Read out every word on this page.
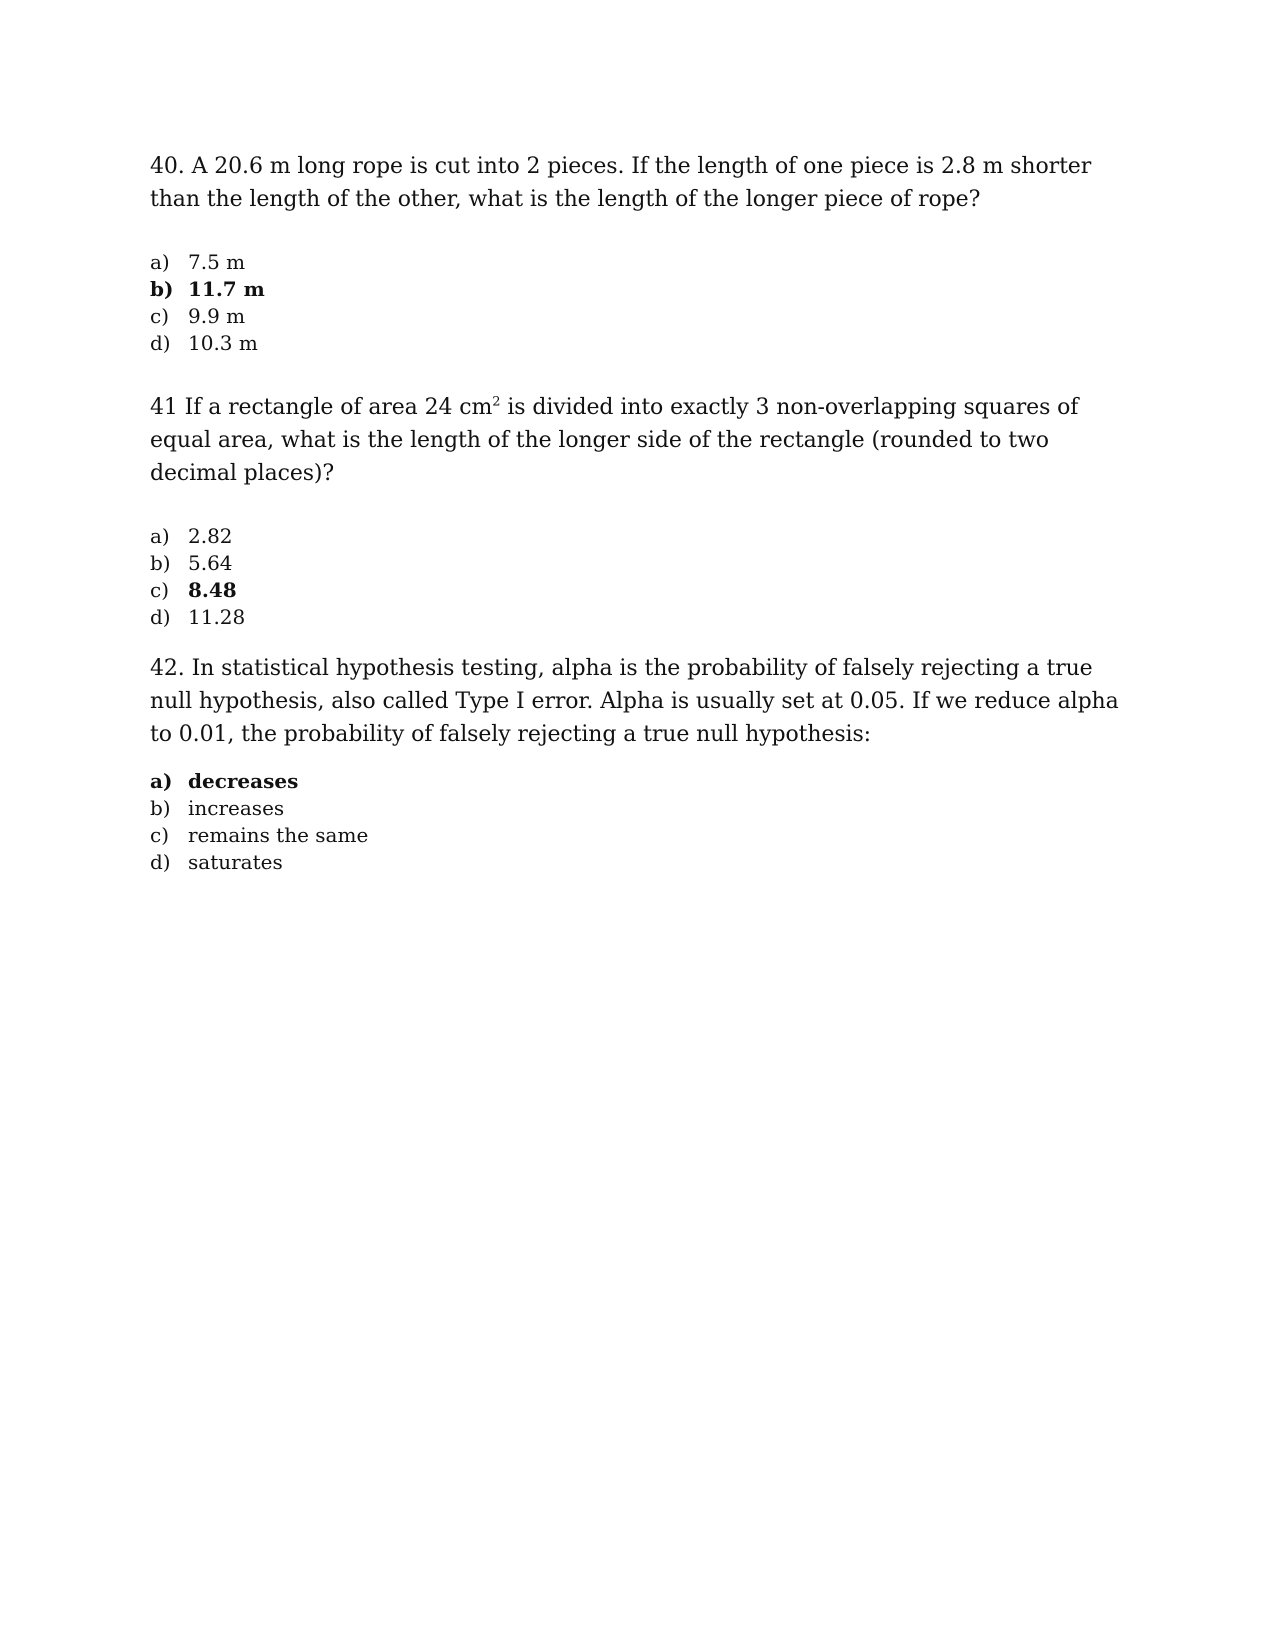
40. A 20.6 m long rope is cut into 2 pieces. If the length of one piece is 2.8 m shorter than the length of the other, what is the length of the longer piece of rope?

a) 7.5 m
b) 11.7 m
c) 9.9 m
d) 10.3 m

41 If a rectangle of area 24 $cm^2$ is divided into exactly 3 non-overlapping squares of equal area, what is the length of the longer side of the rectangle (rounded to two decimal places)?

a) 2.82
b) 5.64
c) 8.48
d) 11.28

42. In statistical hypothesis testing, alpha is the probability of falsely rejecting a true null hypothesis, also called Type I error. Alpha is usually set at 0.05. If we reduce alpha to 0.01, the probability of falsely rejecting a true null hypothesis:

a) decreases
b) increases
c) remains the same
d) saturates
